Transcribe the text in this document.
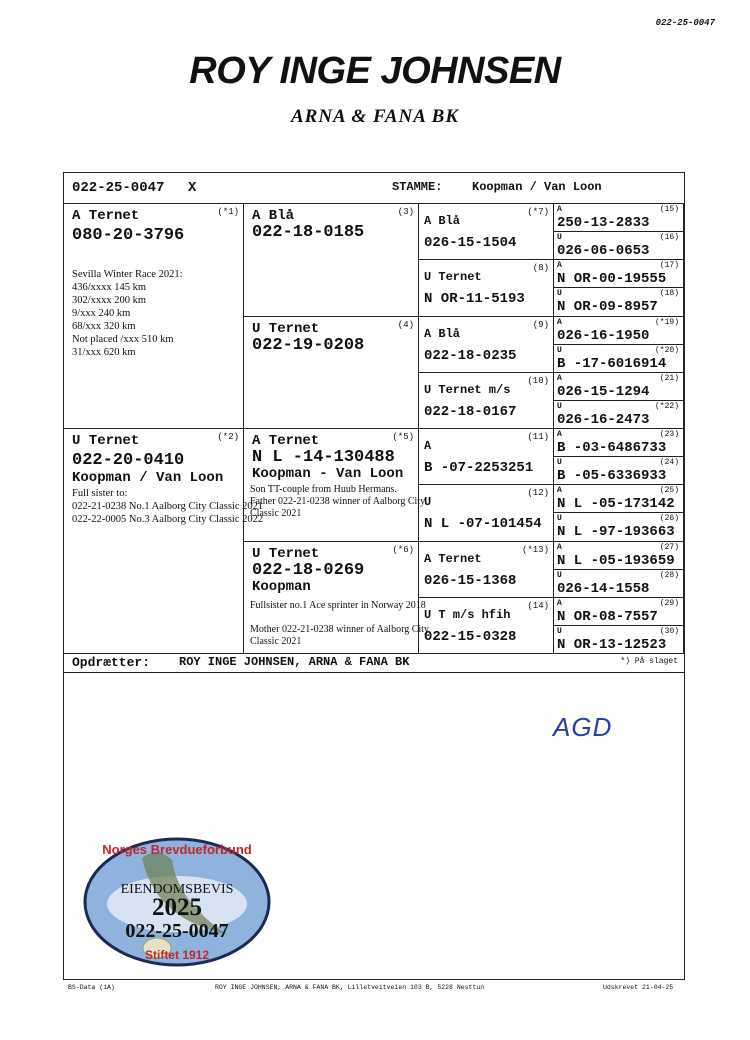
022-25-0047
ROY INGE JOHNSEN
ARNA & FANA BK
022-25-0047 X	STAMME: Koopman / Van Loon
(*1)
A Ternet
080-20-3796
Sevilla Winter Race 2021:
436/xxxx 145 km
302/xxxx 200 km
9/xxx 240 km
68/xxx 320 km
Not placed /xxx 510 km
31/xxx 620 km
(*2)
U Ternet
022-20-0410
Koopman / Van Loon
Full sister to:
022-21-0238 No.1 Aalborg City Classic 2021
022-22-0005 No.3 Aalborg City Classic 2022
(3)
A Blå
022-18-0185
(4)
U Ternet
022-19-0208
(*5)
A Ternet
N L -14-130488
Koopman - Van Loon
Son TT-couple from Huub Hermans.
Father 022-21-0238 winner of Aalborg City
Classic 2021
(*6)
U Ternet
022-18-0269
Koopman
Fullsister no.1 Ace sprinter in Norway 2018

Mother 022-21-0238 winner of Aalborg City
Classic 2021
(*7)
A Blå
026-15-1504
(8)
U Ternet
N OR-11-5193
(9)
A Blå
022-18-0235
(10)
U Ternet m/s
022-18-0167
(11)
A
B -07-2253251
(12)
U
N L -07-101454
(*13)
A Ternet
026-15-1368
(14)
U T m/s hfih
022-15-0328
A	(15)
250-13-2833
U	(16)
026-06-0653
A	(17)
N OR-00-19555
U	(18)
N OR-09-8957
A	(*19)
026-16-1950
U	(*20)
B -17-6016914
A	(21)
026-15-1294
U	(*22)
026-16-2473
A	(23)
B -03-6486733
U	(24)
B -05-6336933
A	(25)
N L -05-173142
U	(26)
N L -97-193663
A	(27)
N L -05-193659
U	(28)
026-14-1558
A	(29)
N OR-08-7557
U	(30)
N OR-13-12523
Opdrætter: ROY INGE JOHNSEN, ARNA & FANA BK	*) På slaget
AGD
Norges Brevdueforbund
EIENDOMSBEVIS
2025
022-25-0047
Stiftet 1912
BS-Data (1A)	ROY INGE JOHNSEN, ARNA & FANA BK, Lilletveitveien 103 B, 5228 Nesttun	Udskrevet 21-04-25
